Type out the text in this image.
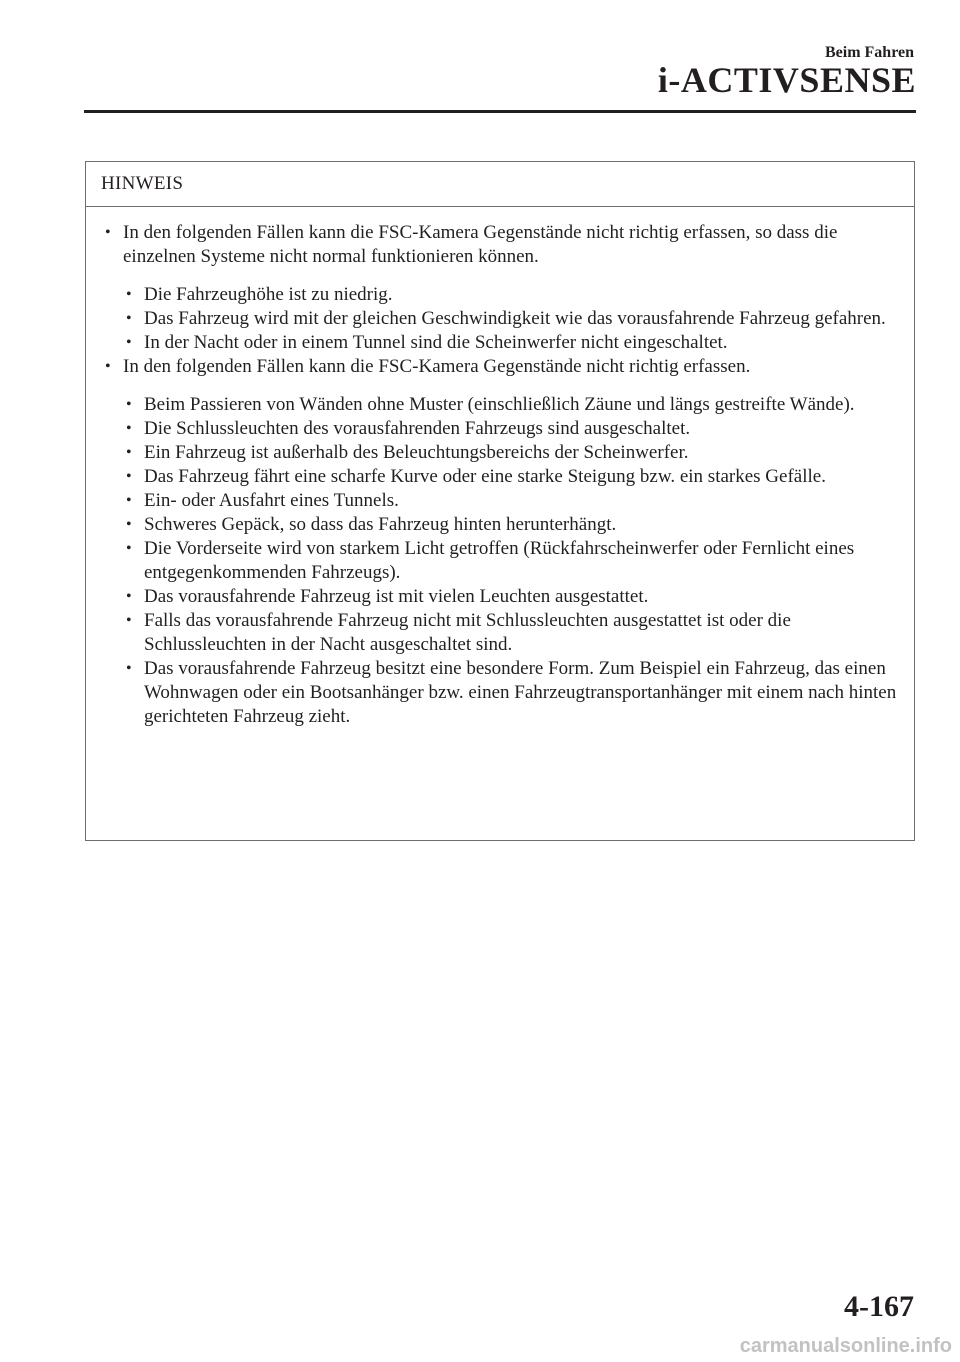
Beim Fahren
i-ACTIVSENSE
HINWEIS
• In den folgenden Fällen kann die FSC-Kamera Gegenstände nicht richtig erfassen, so dass die einzelnen Systeme nicht normal funktionieren können.
• Die Fahrzeughöhe ist zu niedrig.
• Das Fahrzeug wird mit der gleichen Geschwindigkeit wie das vorausfahrende Fahrzeug gefahren.
• In der Nacht oder in einem Tunnel sind die Scheinwerfer nicht eingeschaltet.
• In den folgenden Fällen kann die FSC-Kamera Gegenstände nicht richtig erfassen.
• Beim Passieren von Wänden ohne Muster (einschließlich Zäune und längs gestreifte Wände).
• Die Schlussleuchten des vorausfahrenden Fahrzeugs sind ausgeschaltet.
• Ein Fahrzeug ist außerhalb des Beleuchtungsbereichs der Scheinwerfer.
• Das Fahrzeug fährt eine scharfe Kurve oder eine starke Steigung bzw. ein starkes Gefälle.
• Ein- oder Ausfahrt eines Tunnels.
• Schweres Gepäck, so dass das Fahrzeug hinten herunterhängt.
• Die Vorderseite wird von starkem Licht getroffen (Rückfahrscheinwerfer oder Fernlicht eines entgegenkommenden Fahrzeugs).
• Das vorausfahrende Fahrzeug ist mit vielen Leuchten ausgestattet.
• Falls das vorausfahrende Fahrzeug nicht mit Schlussleuchten ausgestattet ist oder die Schlussleuchten in der Nacht ausgeschaltet sind.
• Das vorausfahrende Fahrzeug besitzt eine besondere Form. Zum Beispiel ein Fahrzeug, das einen Wohnwagen oder ein Bootsanhänger bzw. einen Fahrzeugtransportanhänger mit einem nach hinten gerichteten Fahrzeug zieht.
4-167
carmanualsonline.info
